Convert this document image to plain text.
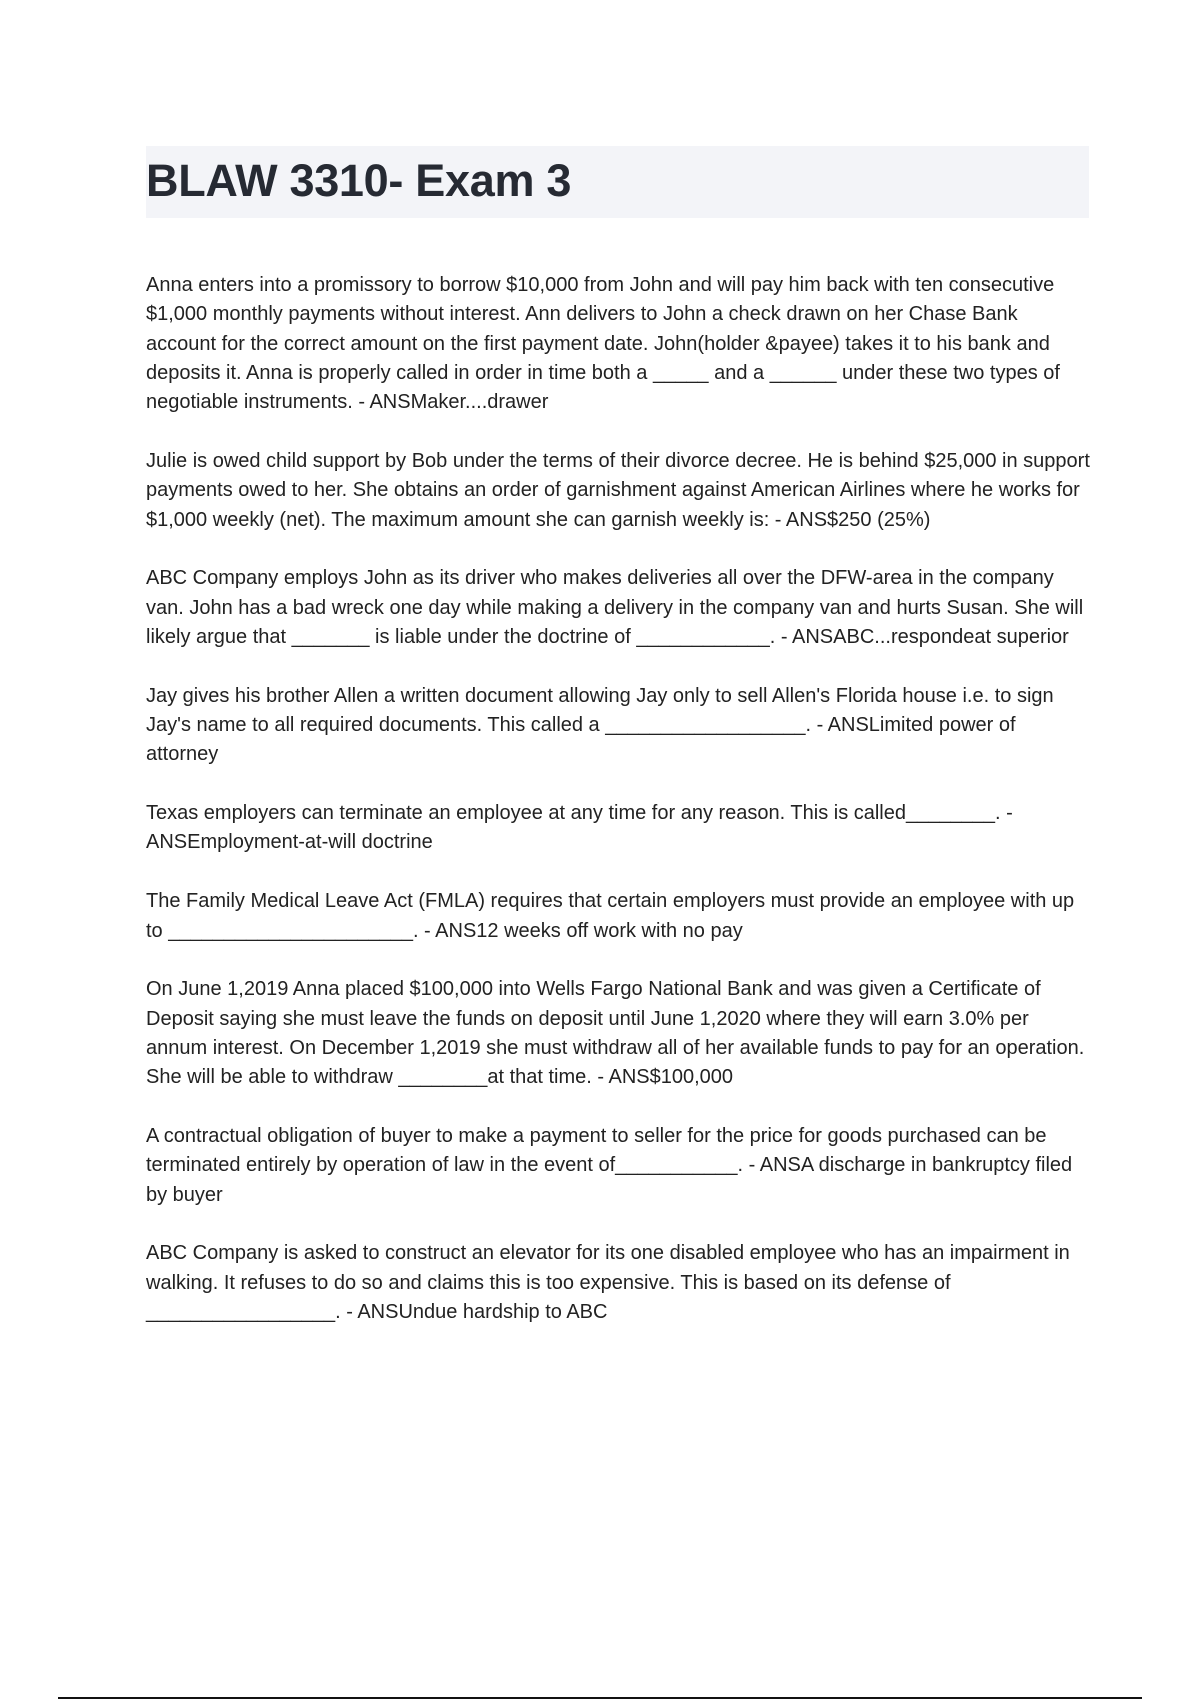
BLAW 3310- Exam 3

Anna enters into a promissory to borrow $10,000 from John and will pay him back with ten consecutive $1,000 monthly payments without interest. Ann delivers to John a check drawn on her Chase Bank account for the correct amount on the first payment date. John(holder &payee) takes it to his bank and deposits it. Anna is properly called in order in time both a _____ and a ______ under these two types of negotiable instruments. - ANSMaker....drawer

Julie is owed child support by Bob under the terms of their divorce decree. He is behind $25,000 in support payments owed to her. She obtains an order of garnishment against American Airlines where he works for $1,000 weekly (net). The maximum amount she can garnish weekly is: - ANS$250 (25%)

ABC Company employs John as its driver who makes deliveries all over the DFW-area in the company van. John has a bad wreck one day while making a delivery in the company van and hurts Susan. She will likely argue that _______ is liable under the doctrine of ____________. - ANSABC...respondeat superior

Jay gives his brother Allen a written document allowing Jay only to sell Allen's Florida house i.e. to sign Jay's name to all required documents. This called a __________________. - ANSLimited power of attorney

Texas employers can terminate an employee at any time for any reason. This is called________. - ANSEmployment-at-will doctrine

The Family Medical Leave Act (FMLA) requires that certain employers must provide an employee with up to ______________________. - ANS12 weeks off work with no pay

On June 1,2019 Anna placed $100,000 into Wells Fargo National Bank and was given a Certificate of Deposit saying she must leave the funds on deposit until June 1,2020 where they will earn 3.0% per annum interest. On December 1,2019 she must withdraw all of her available funds to pay for an operation. She will be able to withdraw ________at that time. - ANS$100,000

A contractual obligation of buyer to make a payment to seller for the price for goods purchased can be terminated entirely by operation of law in the event of___________. - ANSA discharge in bankruptcy filed by buyer

ABC Company is asked to construct an elevator for its one disabled employee who has an impairment in walking. It refuses to do so and claims this is too expensive. This is based on its defense of _________________. - ANSUndue hardship to ABC
